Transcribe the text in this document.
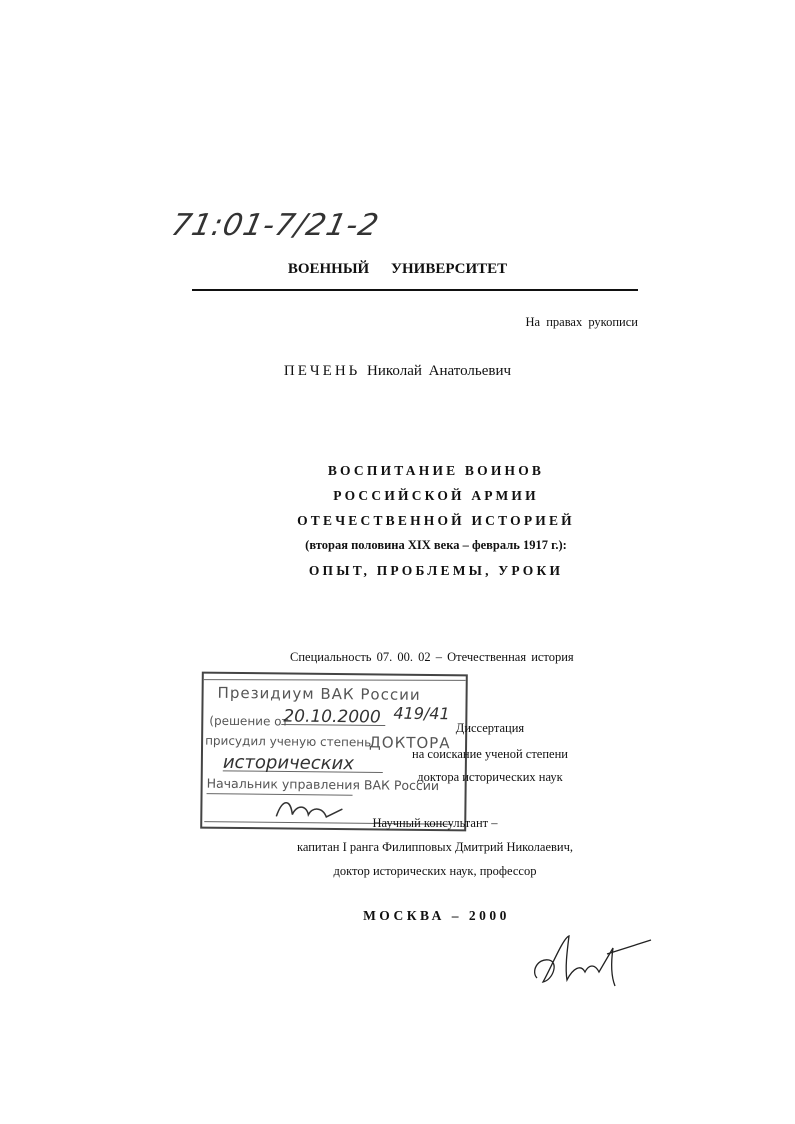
71:01-7/21-2
ВОЕННЫЙ УНИВЕРСИТЕТ
На правах рукописи
ПЕЧЕНЬ Николай Анатольевич
ВОСПИТАНИЕ ВОИНОВ
РОССИЙСКОЙ АРМИИ
ОТЕЧЕСТВЕННОЙ ИСТОРИЕЙ
(вторая половина XIX века – февраль 1917 г.):
ОПЫТ, ПРОБЛЕМЫ, УРОКИ
Специальность 07. 00. 02 – Отечественная история
Президиум ВАК России
(решение от
20.10.2000 419/41
присудил ученую степень
ДОКТОРА
исторических
Начальник управления ВАК России
Диссертация
на соискание ученой степени
доктора исторических наук
Научный консультант –
капитан I ранга Филипповых Дмитрий Николаевич,
доктор исторических наук, профессор
МОСКВА – 2000
